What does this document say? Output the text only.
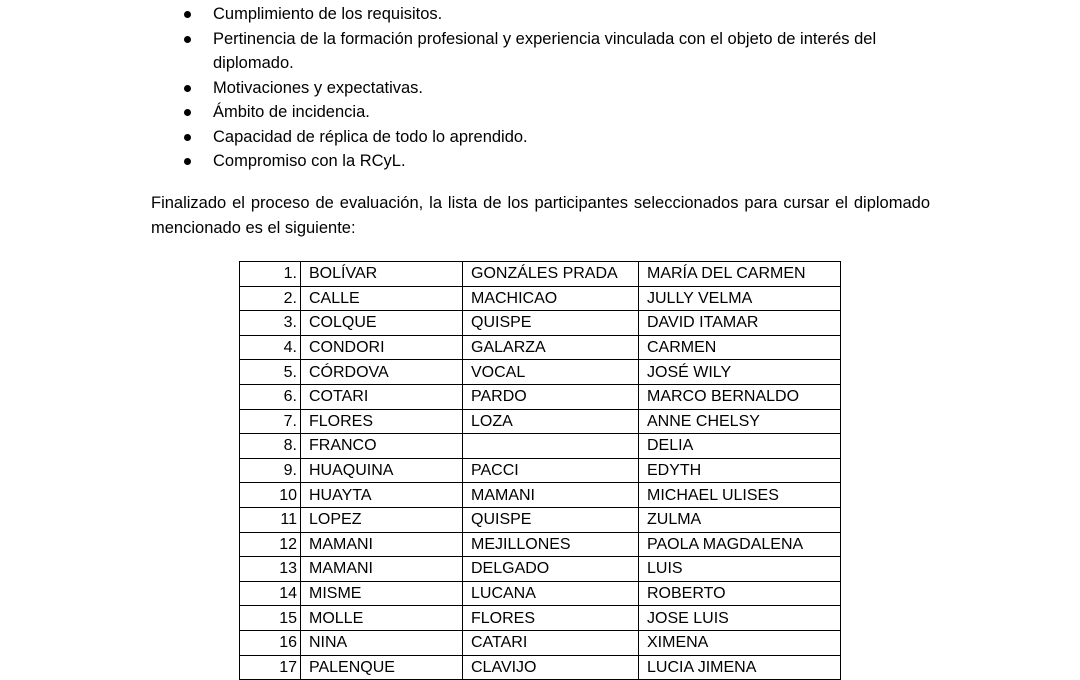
Cumplimiento de los requisitos.
Pertinencia de la formación profesional y experiencia vinculada con el objeto de interés del diplomado.
Motivaciones y expectativas.
Ámbito de incidencia.
Capacidad de réplica de todo lo aprendido.
Compromiso con la RCyL.

Finalizado el proceso de evaluación, la lista de los participantes seleccionados para cursar el diplomado mencionado es el siguiente:

1.	BOLÍVAR	GONZÁLES PRADA	MARÍA DEL CARMEN
2.	CALLE	MACHICAO	JULLY VELMA
3.	COLQUE	QUISPE	DAVID ITAMAR
4.	CONDORI	GALARZA	CARMEN
5.	CÓRDOVA	VOCAL	JOSÉ WILY
6.	COTARI	PARDO	MARCO BERNALDO
7.	FLORES	LOZA	ANNE CHELSY
8.	FRANCO		DELIA
9.	HUAQUINA	PACCI	EDYTH
10	HUAYTA	MAMANI	MICHAEL ULISES
11	LOPEZ	QUISPE	ZULMA
12	MAMANI	MEJILLONES	PAOLA MAGDALENA
13	MAMANI	DELGADO	LUIS
14	MISME	LUCANA	ROBERTO
15	MOLLE	FLORES	JOSE LUIS
16	NINA	CATARI	XIMENA
17	PALENQUE	CLAVIJO	LUCIA JIMENA
